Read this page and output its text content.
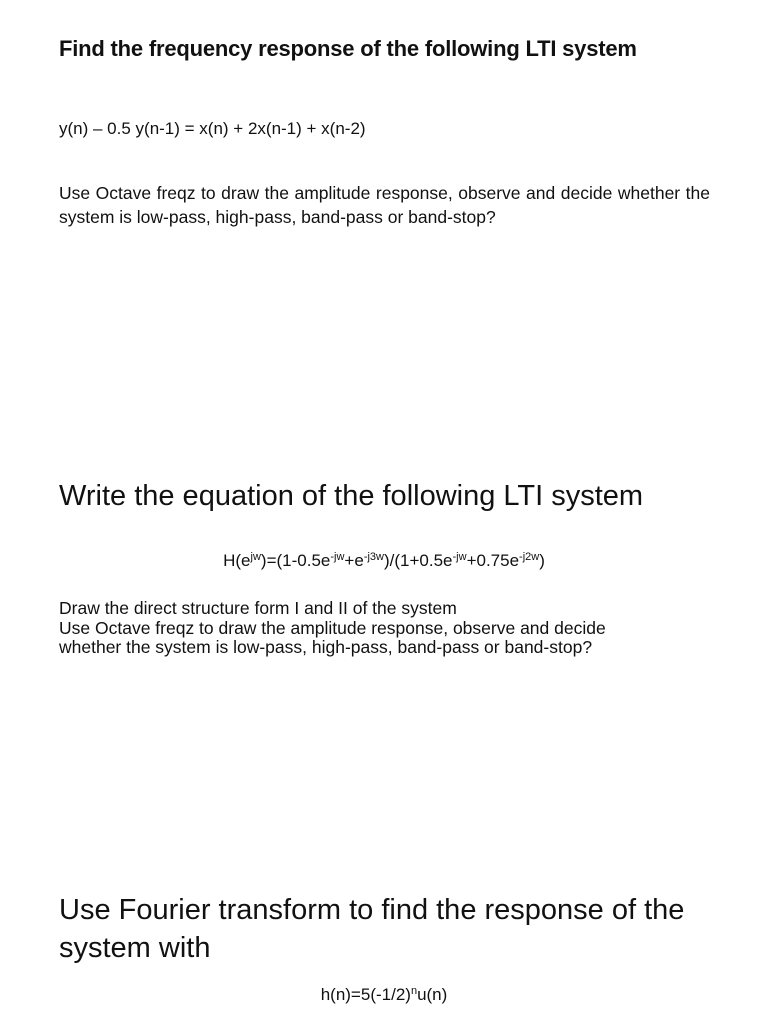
Find the frequency response of the following LTI system
y(n) – 0.5 y(n-1) = x(n) + 2x(n-1) + x(n-2)
Use Octave freqz to draw the amplitude response, observe and decide whether the system is low-pass, high-pass, band-pass or band-stop?
Write the equation of the following LTI system
$H(e^{jw})=(1-0.5e^{-jw}+e^{-j3w})/(1+0.5e^{-jw}+0.75e^{-j2w})$
Draw the direct structure form I and II of the system
Use Octave freqz to draw the amplitude response, observe and decide
whether the system is low-pass, high-pass, band-pass or band-stop?
Use Fourier transform to find the response of the system with
$h(n)=5(-1/2)^nu(n)$
